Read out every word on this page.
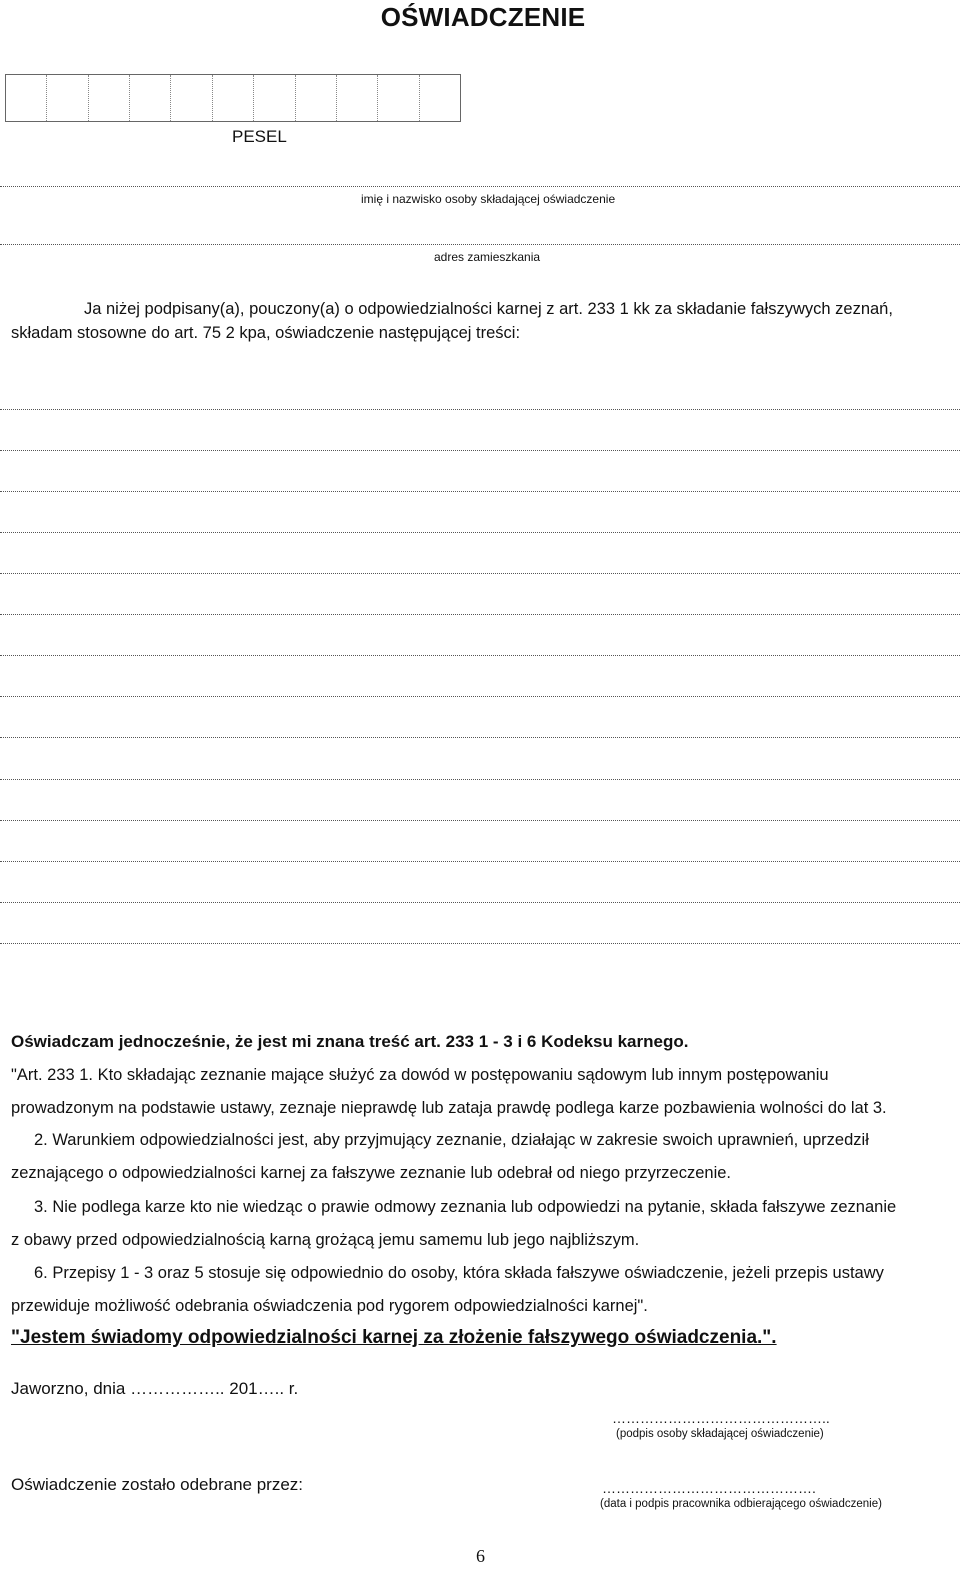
OŚWIADCZENIE
PESEL
imię i nazwisko osoby składającej oświadczenie
adres zamieszkania
Ja niżej podpisany(a), pouczony(a) o odpowiedzialności karnej z art. 233 1 kk za składanie fałszywych zeznań,
składam stosowne do art. 75 2 kpa, oświadczenie następującej treści:
Oświadczam jednocześnie, że jest mi znana treść art. 233 1 - 3 i 6 Kodeksu karnego.
"Art. 233 1. Kto składając zeznanie mające służyć za dowód w postępowaniu sądowym lub innym postępowaniu
prowadzonym na podstawie ustawy, zeznaje nieprawdę lub zataja prawdę podlega karze pozbawienia wolności do lat 3.
2. Warunkiem odpowiedzialności jest, aby przyjmujący zeznanie, działając w zakresie swoich uprawnień, uprzedził
zeznającego o odpowiedzialności karnej za fałszywe zeznanie lub odebrał od niego przyrzeczenie.
3. Nie podlega karze kto nie wiedząc o prawie odmowy zeznania lub odpowiedzi na pytanie, składa fałszywe zeznanie
z obawy przed odpowiedzialnością karną grożącą jemu samemu lub jego najbliższym.
6. Przepisy 1 - 3 oraz 5 stosuje się odpowiednio do osoby, która składa fałszywe oświadczenie, jeżeli przepis ustawy
przewiduje możliwość odebrania oświadczenia pod rygorem odpowiedzialności karnej".
"Jestem świadomy odpowiedzialności karnej za złożenie fałszywego oświadczenia.".
Jaworzno, dnia …………….. 201….. r.
………………………………………..
(podpis osoby składającej oświadczenie)
Oświadczenie zostało odebrane przez:	……………………………………….
(data i podpis pracownika odbierającego oświadczenie)
6
